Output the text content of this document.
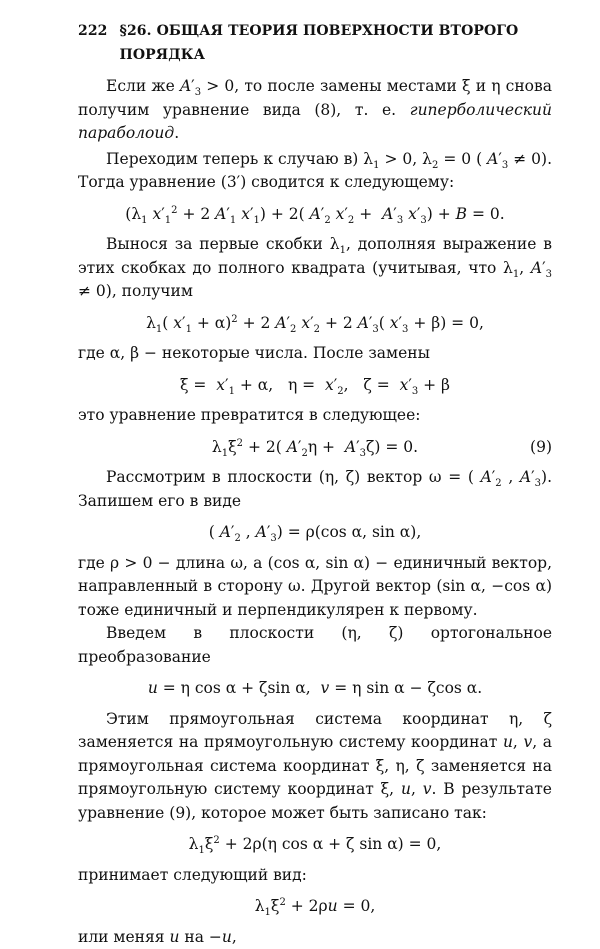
222 §26. ОБЩАЯ ТЕОРИЯ ПОВЕРХНОСТИ ВТОРОГО ПОРЯДКА

Если же $A'_3 > 0$, то после замены местами ξ и η снова получим уравнение вида (8), т. е. гиперболический параболоид.

Переходим теперь к случаю в) $\lambda_1 > 0$, $\lambda_2 = 0$ ( $A'_3 \ne 0$). Тогда уравнение (3′) сводится к следующему:

($\lambda_1$ $x'_1^2 + 2$ $A'_1$ $x'_1) + 2$( $A'_2$ $x'_2 + A'_3$ $x'_3) + B = 0$.

Вынося за первые скобки $\lambda_1$, дополняя выражение в этих скобках до полного квадрата (учитывая, что $\lambda_1$, $A'_3 \ne 0$), получим

$\lambda_1$( $x'_1 + \alpha)^2 + 2$ $A'_2$ $x'_2 + 2$ $A'_3$( $x'_3 + \beta) = 0$,

где α, β − некоторые числа. После замены

$\xi = x'_1 + \alpha$,   $\eta = x'_2$,   $\zeta = x'_3 + \beta$

это уравнение превратится в следующее:

$\lambda_1\xi^2 + 2$( $A'_2\eta + A'_3\zeta) = 0$.	(9)

Рассмотрим в плоскости (η, ζ) вектор ω = ( $A'_2$ , $A'_3$). Запишем его в виде

( $A'_2$ , $A'_3) = \rho(\cos$ α, sin α),

где ρ > 0 − длина ω, а (cos α, sin α) − единичный вектор, направленный в сторону ω. Другой вектор (sin α, −cos α) тоже единичный и перпендикулярен к первому.

Введем в плоскости (η, ζ) ортогональное преобразование

u = η cos α + ζsin α,  v = η sin α − ζcos α.

Этим прямоугольная система координат η, ζ заменяется на прямоугольную систему координат u, v, а прямоугольная система координат ξ, η, ζ заменяется на прямоугольную систему координат ξ, u, v. В результате уравнение (9), которое может быть записано так:

$\lambda_1\xi^2 + 2\rho(\eta$ cos α + ζ sin α) = 0,

принимает следующий вид:

$\lambda_1\xi^2 + 2\rho u = 0$,

или меняя u на −u,
